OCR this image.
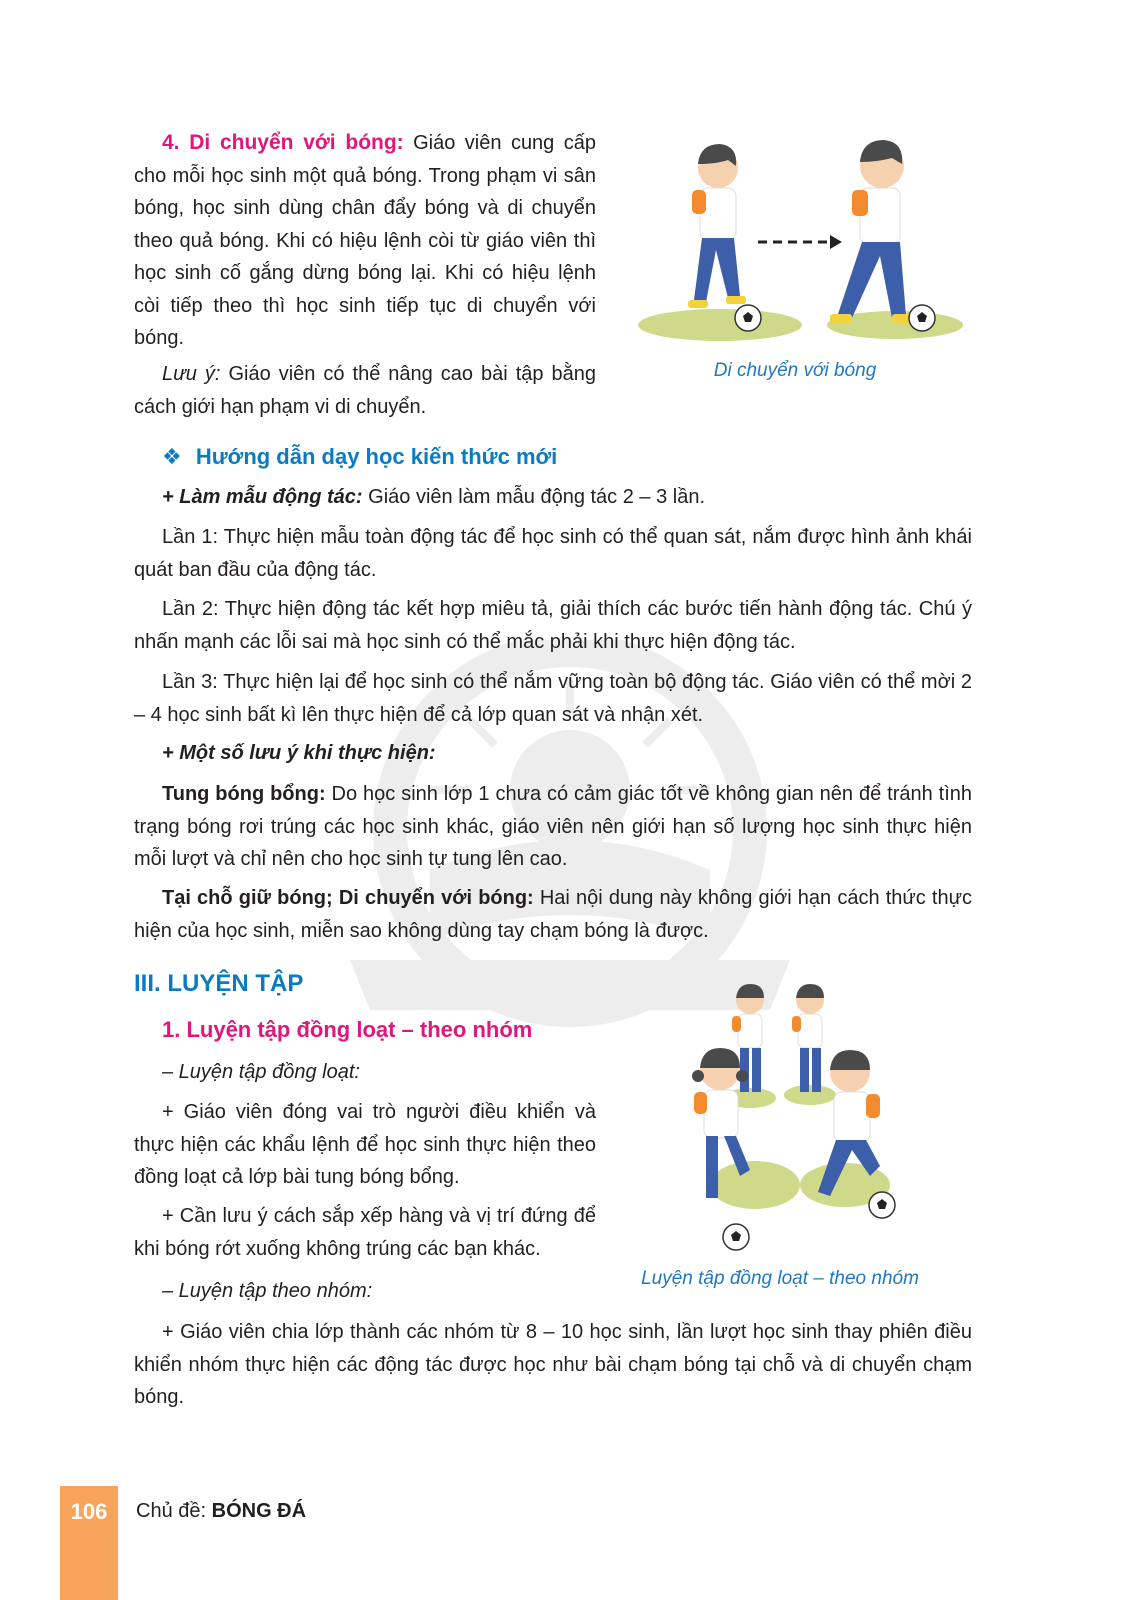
4. Di chuyển với bóng: Giáo viên cung cấp cho mỗi học sinh một quả bóng. Trong phạm vi sân bóng, học sinh dùng chân đẩy bóng và di chuyển theo quả bóng. Khi có hiệu lệnh còi từ giáo viên thì học sinh cố gắng dừng bóng lại. Khi có hiệu lệnh còi tiếp theo thì học sinh tiếp tục di chuyển với bóng.

Lưu ý: Giáo viên có thể nâng cao bài tập bằng cách giới hạn phạm vi di chuyển.

Di chuyển với bóng
❖ Hướng dẫn dạy học kiến thức mới

+ Làm mẫu động tác: Giáo viên làm mẫu động tác 2 – 3 lần.

Lần 1: Thực hiện mẫu toàn động tác để học sinh có thể quan sát, nắm được hình ảnh khái quát ban đầu của động tác.

Lần 2: Thực hiện động tác kết hợp miêu tả, giải thích các bước tiến hành động tác. Chú ý nhấn mạnh các lỗi sai mà học sinh có thể mắc phải khi thực hiện động tác.

Lần 3: Thực hiện lại để học sinh có thể nắm vững toàn bộ động tác. Giáo viên có thể mời 2 – 4 học sinh bất kì lên thực hiện để cả lớp quan sát và nhận xét.

+ Một số lưu ý khi thực hiện:

Tung bóng bổng: Do học sinh lớp 1 chưa có cảm giác tốt về không gian nên để tránh tình trạng bóng rơi trúng các học sinh khác, giáo viên nên giới hạn số lượng học sinh thực hiện mỗi lượt và chỉ nên cho học sinh tự tung lên cao.

Tại chỗ giữ bóng; Di chuyển với bóng: Hai nội dung này không giới hạn cách thức thực hiện của học sinh, miễn sao không dùng tay chạm bóng là được.

III. LUYỆN TẬP
1. Luyện tập đồng loạt – theo nhóm

– Luyện tập đồng loạt:

+ Giáo viên đóng vai trò người điều khiển và thực hiện các khẩu lệnh để học sinh thực hiện theo đồng loạt cả lớp bài tung bóng bổng.

+ Cần lưu ý cách sắp xếp hàng và vị trí đứng để khi bóng rớt xuống không trúng các bạn khác.

– Luyện tập theo nhóm:

+ Giáo viên chia lớp thành các nhóm từ 8 – 10 học sinh, lần lượt học sinh thay phiên điều khiển nhóm thực hiện các động tác được học như bài chạm bóng tại chỗ và di chuyển chạm bóng.

Luyện tập đồng loạt – theo nhóm
106	Chủ đề: BÓNG ĐÁ
